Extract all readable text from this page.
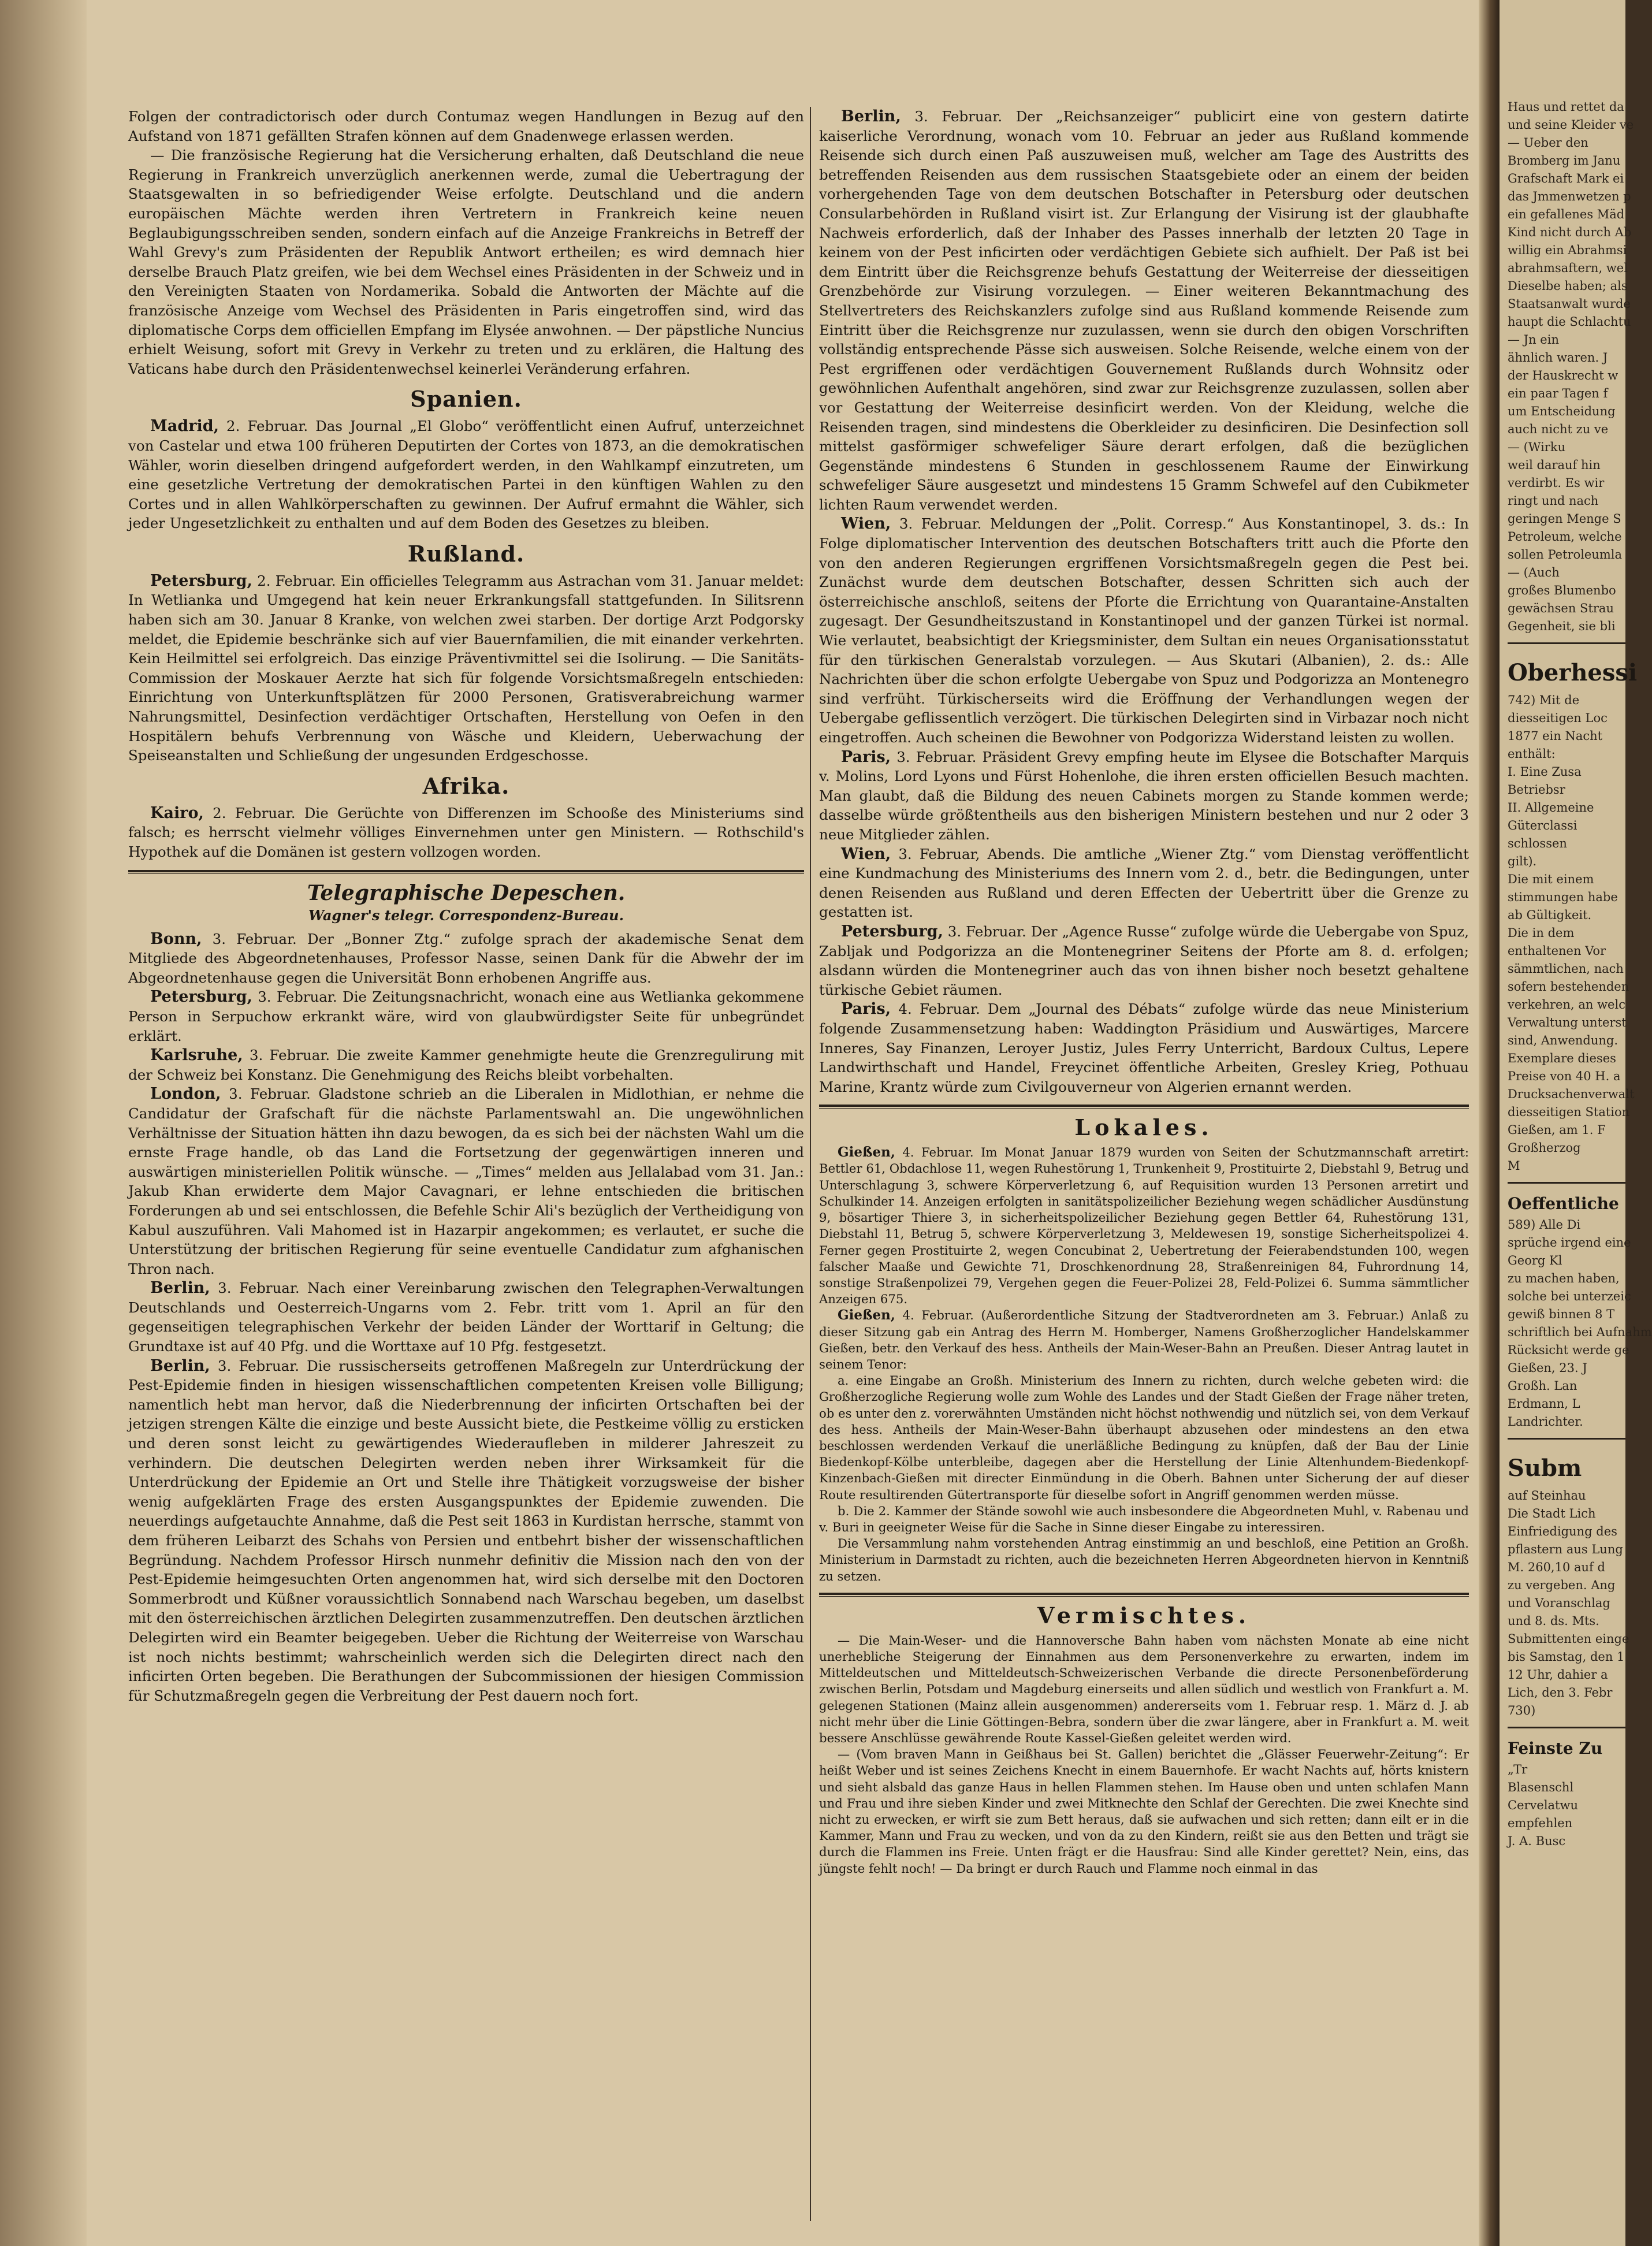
Folgen der contradictorisch oder durch Contumaz wegen Handlungen in Bezug auf den Aufstand von 1871 gefällten Strafen können auf dem Gnadenwege erlassen werden.

— Die französische Regierung hat die Versicherung erhalten, daß Deutschland die neue Regierung in Frankreich unverzüglich anerkennen werde, zumal die Uebertragung der Staatsgewalten in so befriedigender Weise erfolgte. Deutschland und die andern europäischen Mächte werden ihren Vertretern in Frankreich keine neuen Beglaubigungsschreiben senden, sondern einfach auf die Anzeige Frankreichs in Betreff der Wahl Grevy's zum Präsidenten der Republik Antwort ertheilen; es wird demnach hier derselbe Brauch Platz greifen, wie bei dem Wechsel eines Präsidenten in der Schweiz und in den Vereinigten Staaten von Nordamerika. Sobald die Antworten der Mächte auf die französische Anzeige vom Wechsel des Präsidenten in Paris eingetroffen sind, wird das diplomatische Corps dem officiellen Empfang im Elysée anwohnen. — Der päpstliche Nuncius erhielt Weisung, sofort mit Grevy in Verkehr zu treten und zu erklären, die Haltung des Vaticans habe durch den Präsidentenwechsel keinerlei Veränderung erfahren.

Spanien.

Madrid, 2. Februar. Das Journal „El Globo“ veröffentlicht einen Aufruf, unterzeichnet von Castelar und etwa 100 früheren Deputirten der Cortes von 1873, an die demokratischen Wähler, worin dieselben dringend aufgefordert werden, in den Wahlkampf einzutreten, um eine gesetzliche Vertretung der demokratischen Partei in den künftigen Wahlen zu den Cortes und in allen Wahlkörperschaften zu gewinnen. Der Aufruf ermahnt die Wähler, sich jeder Ungesetzlichkeit zu enthalten und auf dem Boden des Gesetzes zu bleiben.

Rußland.

Petersburg, 2. Februar. Ein officielles Telegramm aus Astrachan vom 31. Januar meldet: In Wetlianka und Umgegend hat kein neuer Erkrankungsfall stattgefunden. In Silitsrenn haben sich am 30. Januar 8 Kranke, von welchen zwei starben. Der dortige Arzt Podgorsky meldet, die Epidemie beschränke sich auf vier Bauernfamilien, die mit einander verkehrten. Kein Heilmittel sei erfolgreich. Das einzige Präventivmittel sei die Isolirung. — Die Sanitäts-Commission der Moskauer Aerzte hat sich für folgende Vorsichtsmaßregeln entschieden: Einrichtung von Unterkunftsplätzen für 2000 Personen, Gratisverabreichung warmer Nahrungsmittel, Desinfection verdächtiger Ortschaften, Herstellung von Oefen in den Hospitälern behufs Verbrennung von Wäsche und Kleidern, Ueberwachung der Speiseanstalten und Schließung der ungesunden Erdgeschosse.

Afrika.

Kairo, 2. Februar. Die Gerüchte von Differenzen im Schooße des Ministeriums sind falsch; es herrscht vielmehr völliges Einvernehmen unter gen Ministern. — Rothschild's Hypothek auf die Domänen ist gestern vollzogen worden.

Telegraphische Depeschen.
Wagner's telegr. Correspondenz-Bureau.

Bonn, 3. Februar. Der „Bonner Ztg.“ zufolge sprach der akademische Senat dem Mitgliede des Abgeordnetenhauses, Professor Nasse, seinen Dank für die Abwehr der im Abgeordnetenhause gegen die Universität Bonn erhobenen Angriffe aus.

Petersburg, 3. Februar. Die Zeitungsnachricht, wonach eine aus Wetlianka gekommene Person in Serpuchow erkrankt wäre, wird von glaubwürdigster Seite für unbegründet erklärt.

Karlsruhe, 3. Februar. Die zweite Kammer genehmigte heute die Grenzregulirung mit der Schweiz bei Konstanz. Die Genehmigung des Reichs bleibt vorbehalten.

London, 3. Februar. Gladstone schrieb an die Liberalen in Midlothian, er nehme die Candidatur der Grafschaft für die nächste Parlamentswahl an. Die ungewöhnlichen Verhältnisse der Situation hätten ihn dazu bewogen, da es sich bei der nächsten Wahl um die ernste Frage handle, ob das Land die Fortsetzung der gegenwärtigen inneren und auswärtigen ministeriellen Politik wünsche. — „Times“ melden aus Jellalabad vom 31. Jan.: Jakub Khan erwiderte dem Major Cavagnari, er lehne entschieden die britischen Forderungen ab und sei entschlossen, die Befehle Schir Ali's bezüglich der Vertheidigung von Kabul auszuführen. Vali Mahomed ist in Hazarpir angekommen; es verlautet, er suche die Unterstützung der britischen Regierung für seine eventuelle Candidatur zum afghanischen Thron nach.

Berlin, 3. Februar. Nach einer Vereinbarung zwischen den Telegraphen-Verwaltungen Deutschlands und Oesterreich-Ungarns vom 2. Febr. tritt vom 1. April an für den gegenseitigen telegraphischen Verkehr der beiden Länder der Worttarif in Geltung; die Grundtaxe ist auf 40 Pfg. und die Worttaxe auf 10 Pfg. festgesetzt.

Berlin, 3. Februar. Die russischerseits getroffenen Maßregeln zur Unterdrückung der Pest-Epidemie finden in hiesigen wissenschaftlichen competenten Kreisen volle Billigung; namentlich hebt man hervor, daß die Niederbrennung der inficirten Ortschaften bei der jetzigen strengen Kälte die einzige und beste Aussicht biete, die Pestkeime völlig zu ersticken und deren sonst leicht zu gewärtigendes Wiederaufleben in milderer Jahreszeit zu verhindern. Die deutschen Delegirten werden neben ihrer Wirksamkeit für die Unterdrückung der Epidemie an Ort und Stelle ihre Thätigkeit vorzugsweise der bisher wenig aufgeklärten Frage des ersten Ausgangspunktes der Epidemie zuwenden. Die neuerdings aufgetauchte Annahme, daß die Pest seit 1863 in Kurdistan herrsche, stammt von dem früheren Leibarzt des Schahs von Persien und entbehrt bisher der wissenschaftlichen Begründung. Nachdem Professor Hirsch nunmehr definitiv die Mission nach den von der Pest-Epidemie heimgesuchten Orten angenommen hat, wird sich derselbe mit den Doctoren Sommerbrodt und Küßner voraussichtlich Sonnabend nach Warschau begeben, um daselbst mit den österreichischen ärztlichen Delegirten zusammenzutreffen. Den deutschen ärztlichen Delegirten wird ein Beamter beigegeben. Ueber die Richtung der Weiterreise von Warschau ist noch nichts bestimmt; wahrscheinlich werden sich die Delegirten direct nach den inficirten Orten begeben. Die Berathungen der Subcommissionen der hiesigen Commission für Schutzmaßregeln gegen die Verbreitung der Pest dauern noch fort.

Berlin, 3. Februar. Der „Reichsanzeiger“ publicirt eine von gestern datirte kaiserliche Verordnung, wonach vom 10. Februar an jeder aus Rußland kommende Reisende sich durch einen Paß auszuweisen muß, welcher am Tage des Austritts des betreffenden Reisenden aus dem russischen Staatsgebiete oder an einem der beiden vorhergehenden Tage von dem deutschen Botschafter in Petersburg oder deutschen Consularbehörden in Rußland visirt ist. Zur Erlangung der Visirung ist der glaubhafte Nachweis erforderlich, daß der Inhaber des Passes innerhalb der letzten 20 Tage in keinem von der Pest inficirten oder verdächtigen Gebiete sich aufhielt. Der Paß ist bei dem Eintritt über die Reichsgrenze behufs Gestattung der Weiterreise der diesseitigen Grenzbehörde zur Visirung vorzulegen. — Einer weiteren Bekanntmachung des Stellvertreters des Reichskanzlers zufolge sind aus Rußland kommende Reisende zum Eintritt über die Reichsgrenze nur zuzulassen, wenn sie durch den obigen Vorschriften vollständig entsprechende Pässe sich ausweisen. Solche Reisende, welche einem von der Pest ergriffenen oder verdächtigen Gouvernement Rußlands durch Wohnsitz oder gewöhnlichen Aufenthalt angehören, sind zwar zur Reichsgrenze zuzulassen, sollen aber vor Gestattung der Weiterreise desinficirt werden. Von der Kleidung, welche die Reisenden tragen, sind mindestens die Oberkleider zu desinficiren. Die Desinfection soll mittelst gasförmiger schwefeliger Säure derart erfolgen, daß die bezüglichen Gegenstände mindestens 6 Stunden in geschlossenem Raume der Einwirkung schwefeliger Säure ausgesetzt und mindestens 15 Gramm Schwefel auf den Cubikmeter lichten Raum verwendet werden.

Wien, 3. Februar. Meldungen der „Polit. Corresp.“ Aus Konstantinopel, 3. ds.: In Folge diplomatischer Intervention des deutschen Botschafters tritt auch die Pforte den von den anderen Regierungen ergriffenen Vorsichtsmaßregeln gegen die Pest bei. Zunächst wurde dem deutschen Botschafter, dessen Schritten sich auch der österreichische anschloß, seitens der Pforte die Errichtung von Quarantaine-Anstalten zugesagt. Der Gesundheitszustand in Konstantinopel und der ganzen Türkei ist normal. Wie verlautet, beabsichtigt der Kriegsminister, dem Sultan ein neues Organisationsstatut für den türkischen Generalstab vorzulegen. — Aus Skutari (Albanien), 2. ds.: Alle Nachrichten über die schon erfolgte Uebergabe von Spuz und Podgorizza an Montenegro sind verfrüht. Türkischerseits wird die Eröffnung der Verhandlungen wegen der Uebergabe geflissentlich verzögert. Die türkischen Delegirten sind in Virbazar noch nicht eingetroffen. Auch scheinen die Bewohner von Podgorizza Widerstand leisten zu wollen.

Paris, 3. Februar. Präsident Grevy empfing heute im Elysee die Botschafter Marquis v. Molins, Lord Lyons und Fürst Hohenlohe, die ihren ersten officiellen Besuch machten. Man glaubt, daß die Bildung des neuen Cabinets morgen zu Stande kommen werde; dasselbe würde größtentheils aus den bisherigen Ministern bestehen und nur 2 oder 3 neue Mitglieder zählen.

Wien, 3. Februar, Abends. Die amtliche „Wiener Ztg.“ vom Dienstag veröffentlicht eine Kundmachung des Ministeriums des Innern vom 2. d., betr. die Bedingungen, unter denen Reisenden aus Rußland und deren Effecten der Uebertritt über die Grenze zu gestatten ist.

Petersburg, 3. Februar. Der „Agence Russe“ zufolge würde die Uebergabe von Spuz, Zabljak und Podgorizza an die Montenegriner Seitens der Pforte am 8. d. erfolgen; alsdann würden die Montenegriner auch das von ihnen bisher noch besetzt gehaltene türkische Gebiet räumen.

Paris, 4. Februar. Dem „Journal des Débats“ zufolge würde das neue Ministerium folgende Zusammensetzung haben: Waddington Präsidium und Auswärtiges, Marcere Inneres, Say Finanzen, Leroyer Justiz, Jules Ferry Unterricht, Bardoux Cultus, Lepere Landwirthschaft und Handel, Freycinet öffentliche Arbeiten, Gresley Krieg, Pothuau Marine, Krantz würde zum Civilgouverneur von Algerien ernannt werden.

Lokales.

Gießen, 4. Februar. Im Monat Januar 1879 wurden von Seiten der Schutzmannschaft arretirt: Bettler 61, Obdachlose 11, wegen Ruhestörung 1, Trunkenheit 9, Prostituirte 2, Diebstahl 9, Betrug und Unterschlagung 3, schwere Körperverletzung 6, auf Requisition wurden 13 Personen arretirt und Schulkinder 14. Anzeigen erfolgten in sanitätspolizeilicher Beziehung wegen schädlicher Ausdünstung 9, bösartiger Thiere 3, in sicherheitspolizeilicher Beziehung gegen Bettler 64, Ruhestörung 131, Diebstahl 11, Betrug 5, schwere Körperverletzung 3, Meldewesen 19, sonstige Sicherheitspolizei 4. Ferner gegen Prostituirte 2, wegen Concubinat 2, Uebertretung der Feierabendstunden 100, wegen falscher Maaße und Gewichte 71, Droschkenordnung 28, Straßenreinigen 84, Fuhrordnung 14, sonstige Straßenpolizei 79, Vergehen gegen die Feuer-Polizei 28, Feld-Polizei 6. Summa sämmtlicher Anzeigen 675.

Gießen, 4. Februar. (Außerordentliche Sitzung der Stadtverordneten am 3. Februar.) Anlaß zu dieser Sitzung gab ein Antrag des Herrn M. Homberger, Namens Großherzoglicher Handelskammer Gießen, betr. den Verkauf des hess. Antheils der Main-Weser-Bahn an Preußen. Dieser Antrag lautet in seinem Tenor:

a. eine Eingabe an Großh. Ministerium des Innern zu richten, durch welche gebeten wird: die Großherzogliche Regierung wolle zum Wohle des Landes und der Stadt Gießen der Frage näher treten, ob es unter den z. vorerwähnten Umständen nicht höchst nothwendig und nützlich sei, von dem Verkauf des hess. Antheils der Main-Weser-Bahn überhaupt abzusehen oder mindestens an den etwa beschlossen werdenden Verkauf die unerläßliche Bedingung zu knüpfen, daß der Bau der Linie Biedenkopf-Kölbe unterbleibe, dagegen aber die Herstellung der Linie Altenhundem-Biedenkopf-Kinzenbach-Gießen mit directer Einmündung in die Oberh. Bahnen unter Sicherung der auf dieser Route resultirenden Gütertransporte für dieselbe sofort in Angriff genommen werden müsse.

b. Die 2. Kammer der Stände sowohl wie auch insbesondere die Abgeordneten Muhl, v. Rabenau und v. Buri in geeigneter Weise für die Sache in Sinne dieser Eingabe zu interessiren.

Die Versammlung nahm vorstehenden Antrag einstimmig an und beschloß, eine Petition an Großh. Ministerium in Darmstadt zu richten, auch die bezeichneten Herren Abgeordneten hiervon in Kenntniß zu setzen.

Vermischtes.

— Die Main-Weser- und die Hannoversche Bahn haben vom nächsten Monate ab eine nicht unerhebliche Steigerung der Einnahmen aus dem Personenverkehre zu erwarten, indem im Mitteldeutschen und Mitteldeutsch-Schweizerischen Verbande die directe Personenbeförderung zwischen Berlin, Potsdam und Magdeburg einerseits und allen südlich und westlich von Frankfurt a. M. gelegenen Stationen (Mainz allein ausgenommen) andererseits vom 1. Februar resp. 1. März d. J. ab nicht mehr über die Linie Göttingen-Bebra, sondern über die zwar längere, aber in Frankfurt a. M. weit bessere Anschlüsse gewährende Route Kassel-Gießen geleitet werden wird.

— (Vom braven Mann in Geißhaus bei St. Gallen) berichtet die „Glässer Feuerwehr-Zeitung“: Er heißt Weber und ist seines Zeichens Knecht in einem Bauernhofe. Er wacht Nachts auf, hörts knistern und sieht alsbald das ganze Haus in hellen Flammen stehen. Im Hause oben und unten schlafen Mann und Frau und ihre sieben Kinder und zwei Mitknechte den Schlaf der Gerechten. Die zwei Knechte sind nicht zu erwecken, er wirft sie zum Bett heraus, daß sie aufwachen und sich retten; dann eilt er in die Kammer, Mann und Frau zu wecken, und von da zu den Kindern, reißt sie aus den Betten und trägt sie durch die Flammen ins Freie. Unten frägt er die Hausfrau: Sind alle Kinder gerettet? Nein, eins, das jüngste fehlt noch! — Da bringt er durch Rauch und Flamme noch einmal in das

Haus und rettet da

und seine Kleider ve

— Ueber den

Bromberg im Janu

Grafschaft Mark ei

das Jmmenwetzen p

ein gefallenes Mäd

Kind nicht durch Ab

willig ein Abrahmsi

abrahmsaftern, wel

Dieselbe haben; als

Staatsanwalt wurde

haupt die Schlachtu

— Jn ein

ähnlich waren. J

der Hauskrecht w

ein paar Tagen f

um Entscheidung

auch nicht zu ve

— (Wirku

weil darauf hin

verdirbt. Es wir

ringt und nach

geringen Menge S

Petroleum, welche

sollen Petroleumla

— (Auch

großes Blumenbo

gewächsen Strau

Gegenheit, sie bli

Oberhessi

742) Mit de

diesseitigen Loc

1877 ein Nacht

enthält:

I. Eine Zusa

Betriebsr

II. Allgemeine

Güterclassi

schlossen

gilt).

Die mit einem

stimmungen habe

ab Gültigkeit.

Die in dem

enthaltenen Vor

sämmtlichen, nach

sofern bestehenden

verkehren, an welc

Verwaltung unterst

sind, Anwendung.

Exemplare dieses

Preise von 40 H. a

Drucksachenverwalt

diesseitigen Station

Gießen, am 1. F

Großherzog

M

Oeffentliche

589) Alle Di

sprüche irgend eine

Georg Kl

zu machen haben,

solche bei unterzeic

gewiß binnen 8 T

schriftlich bei Aufnahm

Rücksicht werde ge

Gießen, 23. J

Großh. Lan

Erdmann, L

Landrichter.

Subm

auf Steinhau

Die Stadt Lich

Einfriedigung des

pflastern aus Lung

M. 260,10 auf d

zu vergeben. Ang

und Voranschlag

und 8. ds. Mts.

Submittenten einge

bis Samstag, den 1

12 Uhr, dahier a

Lich, den 3. Febr

730)

Feinste Zu

„Tr

Blasenschl

Cervelatwu

empfehlen

J. A. Busc
